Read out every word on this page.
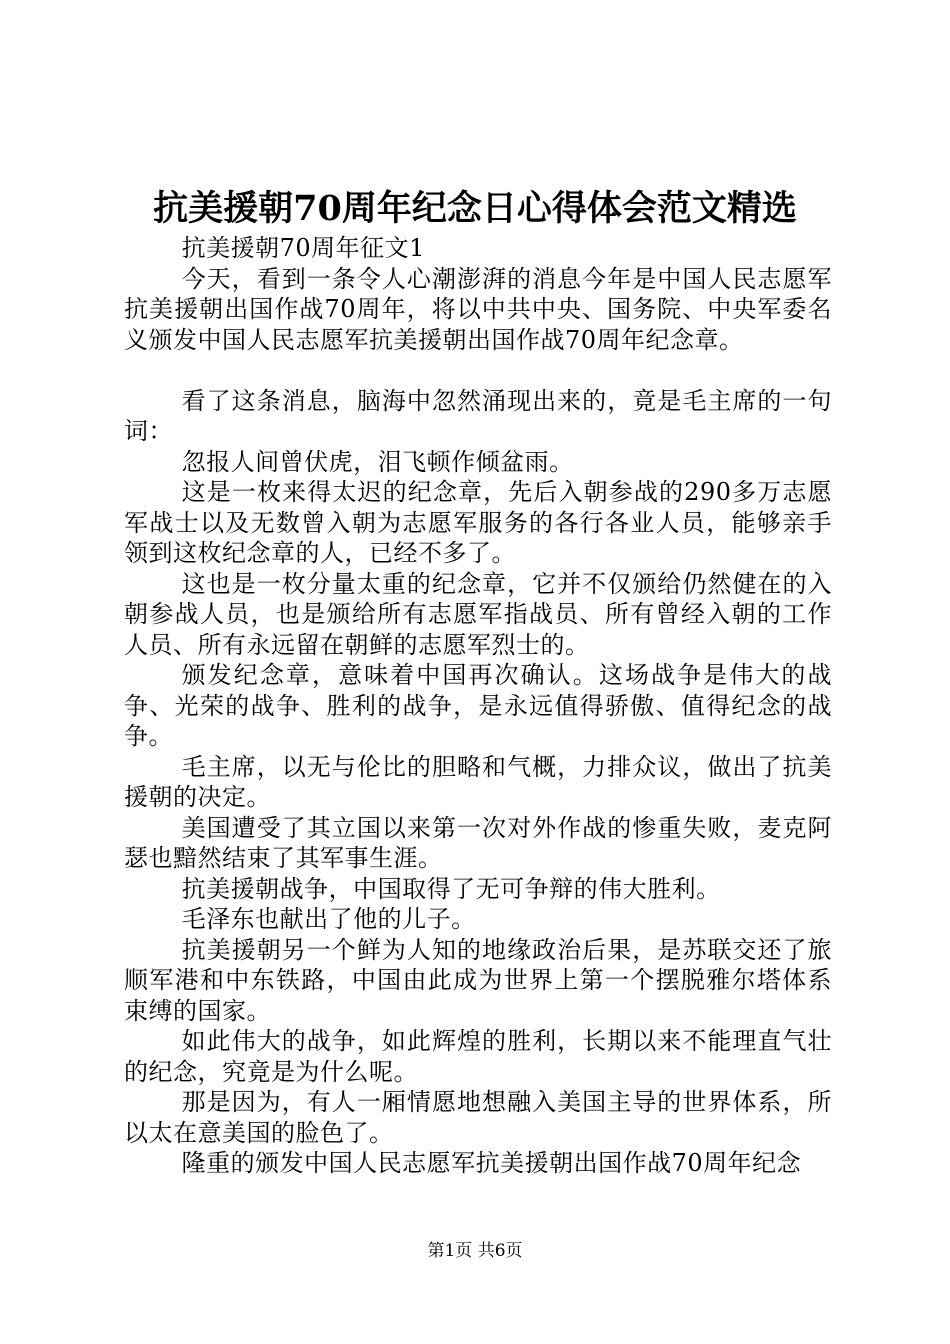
抗美援朝70周年纪念日心得体会范文精选

抗美援朝70周年征文1

今天，看到一条令人心潮澎湃的消息今年是中国人民志愿军抗美援朝出国作战70周年，将以中共中央、国务院、中央军委名义颁发中国人民志愿军抗美援朝出国作战70周年纪念章。

看了这条消息，脑海中忽然涌现出来的，竟是毛主席的一句词：

忽报人间曾伏虎，泪飞顿作倾盆雨。

这是一枚来得太迟的纪念章，先后入朝参战的290多万志愿军战士以及无数曾入朝为志愿军服务的各行各业人员，能够亲手领到这枚纪念章的人，已经不多了。

这也是一枚分量太重的纪念章，它并不仅颁给仍然健在的入朝参战人员，也是颁给所有志愿军指战员、所有曾经入朝的工作人员、所有永远留在朝鲜的志愿军烈士的。

颁发纪念章，意味着中国再次确认。这场战争是伟大的战争、光荣的战争、胜利的战争，是永远值得骄傲、值得纪念的战争。

毛主席，以无与伦比的胆略和气概，力排众议，做出了抗美援朝的决定。

美国遭受了其立国以来第一次对外作战的惨重失败，麦克阿瑟也黯然结束了其军事生涯。

抗美援朝战争，中国取得了无可争辩的伟大胜利。

毛泽东也献出了他的儿子。

抗美援朝另一个鲜为人知的地缘政治后果，是苏联交还了旅顺军港和中东铁路，中国由此成为世界上第一个摆脱雅尔塔体系束缚的国家。

如此伟大的战争，如此辉煌的胜利，长期以来不能理直气壮的纪念，究竟是为什么呢。

那是因为，有人一厢情愿地想融入美国主导的世界体系，所以太在意美国的脸色了。

隆重的颁发中国人民志愿军抗美援朝出国作战70周年纪念

第1页 共6页
